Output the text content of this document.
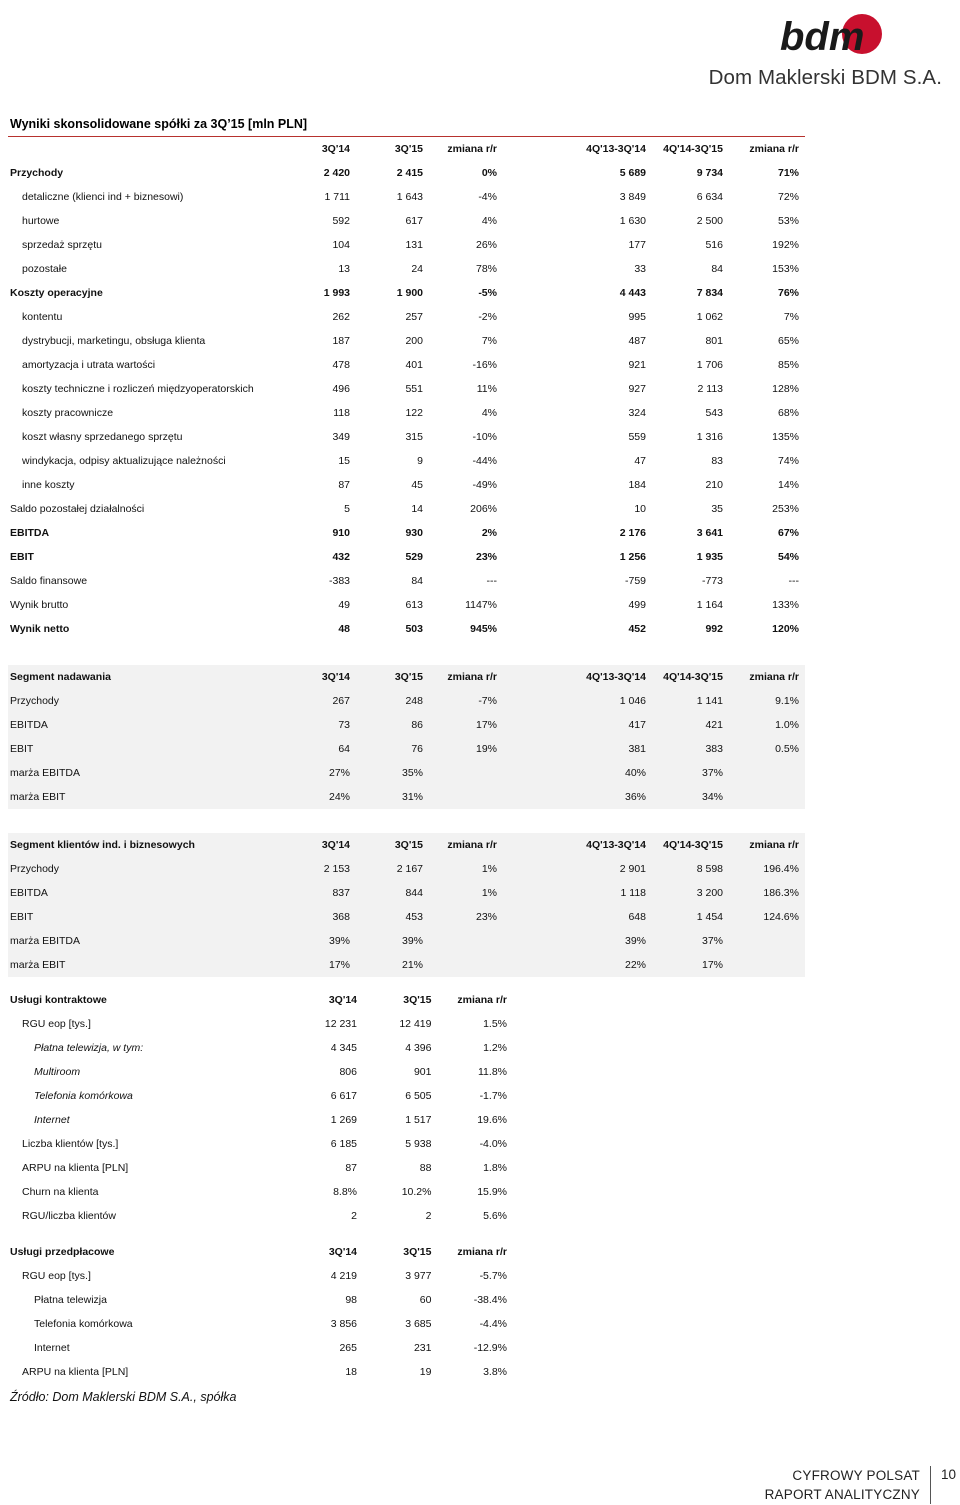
bdm
Dom Maklerski BDM S.A.
Wyniki skonsolidowane spółki za 3Q’15 [mln PLN]
	3Q'14	3Q'15	zmiana r/r	4Q'13-3Q'14	4Q'14-3Q'15	zmiana r/r
Przychody	2 420	2 415	0%	5 689	9 734	71%
detaliczne (klienci ind + biznesowi)	1 711	1 643	-4%	3 849	6 634	72%
hurtowe	592	617	4%	1 630	2 500	53%
sprzedaż sprzętu	104	131	26%	177	516	192%
pozostałe	13	24	78%	33	84	153%
Koszty operacyjne	1 993	1 900	-5%	4 443	7 834	76%
kontentu	262	257	-2%	995	1 062	7%
dystrybucji, marketingu, obsługa klienta	187	200	7%	487	801	65%
amortyzacja i utrata wartości	478	401	-16%	921	1 706	85%
koszty techniczne i rozliczeń międzyoperatorskich	496	551	11%	927	2 113	128%
koszty pracownicze	118	122	4%	324	543	68%
koszt własny sprzedanego sprzętu	349	315	-10%	559	1 316	135%
windykacja, odpisy aktualizujące należności	15	9	-44%	47	83	74%
inne koszty	87	45	-49%	184	210	14%
Saldo pozostałej działalności	5	14	206%	10	35	253%
EBITDA	910	930	2%	2 176	3 641	67%
EBIT	432	529	23%	1 256	1 935	54%
Saldo finansowe	-383	84	---	-759	-773	---
Wynik brutto	49	613	1147%	499	1 164	133%
Wynik netto	48	503	945%	452	992	120%
Segment nadawania	3Q'14	3Q'15	zmiana r/r	4Q'13-3Q'14	4Q'14-3Q'15	zmiana r/r
Przychody	267	248	-7%	1 046	1 141	9.1%
EBITDA	73	86	17%	417	421	1.0%
EBIT	64	76	19%	381	383	0.5%
marża EBITDA	27%	35%		40%	37%	
marża EBIT	24%	31%		36%	34%	
Segment klientów ind. i biznesowych	3Q'14	3Q'15	zmiana r/r	4Q'13-3Q'14	4Q'14-3Q'15	zmiana r/r
Przychody	2 153	2 167	1%	2 901	8 598	196.4%
EBITDA	837	844	1%	1 118	3 200	186.3%
EBIT	368	453	23%	648	1 454	124.6%
marża EBITDA	39%	39%		39%	37%	
marża EBIT	17%	21%		22%	17%	
Usługi kontraktowe	3Q'14	3Q'15	zmiana r/r
RGU eop [tys.]	12 231	12 419	1.5%
Płatna telewizja, w tym:	4 345	4 396	1.2%
Multiroom	806	901	11.8%
Telefonia komórkowa	6 617	6 505	-1.7%
Internet	1 269	1 517	19.6%
Liczba klientów [tys.]	6 185	5 938	-4.0%
ARPU na klienta [PLN]	87	88	1.8%
Churn na klienta	8.8%	10.2%	15.9%
RGU/liczba klientów	2	2	5.6%
Usługi przedpłacowe	3Q'14	3Q'15	zmiana r/r
RGU eop [tys.]	4 219	3 977	-5.7%
Płatna telewizja	98	60	-38.4%
Telefonia komórkowa	3 856	3 685	-4.4%
Internet	265	231	-12.9%
ARPU na klienta [PLN]	18	19	3.8%
Źródło: Dom Maklerski BDM S.A., spółka
CYFROWY POLSAT
RAPORT ANALITYCZNY
10
